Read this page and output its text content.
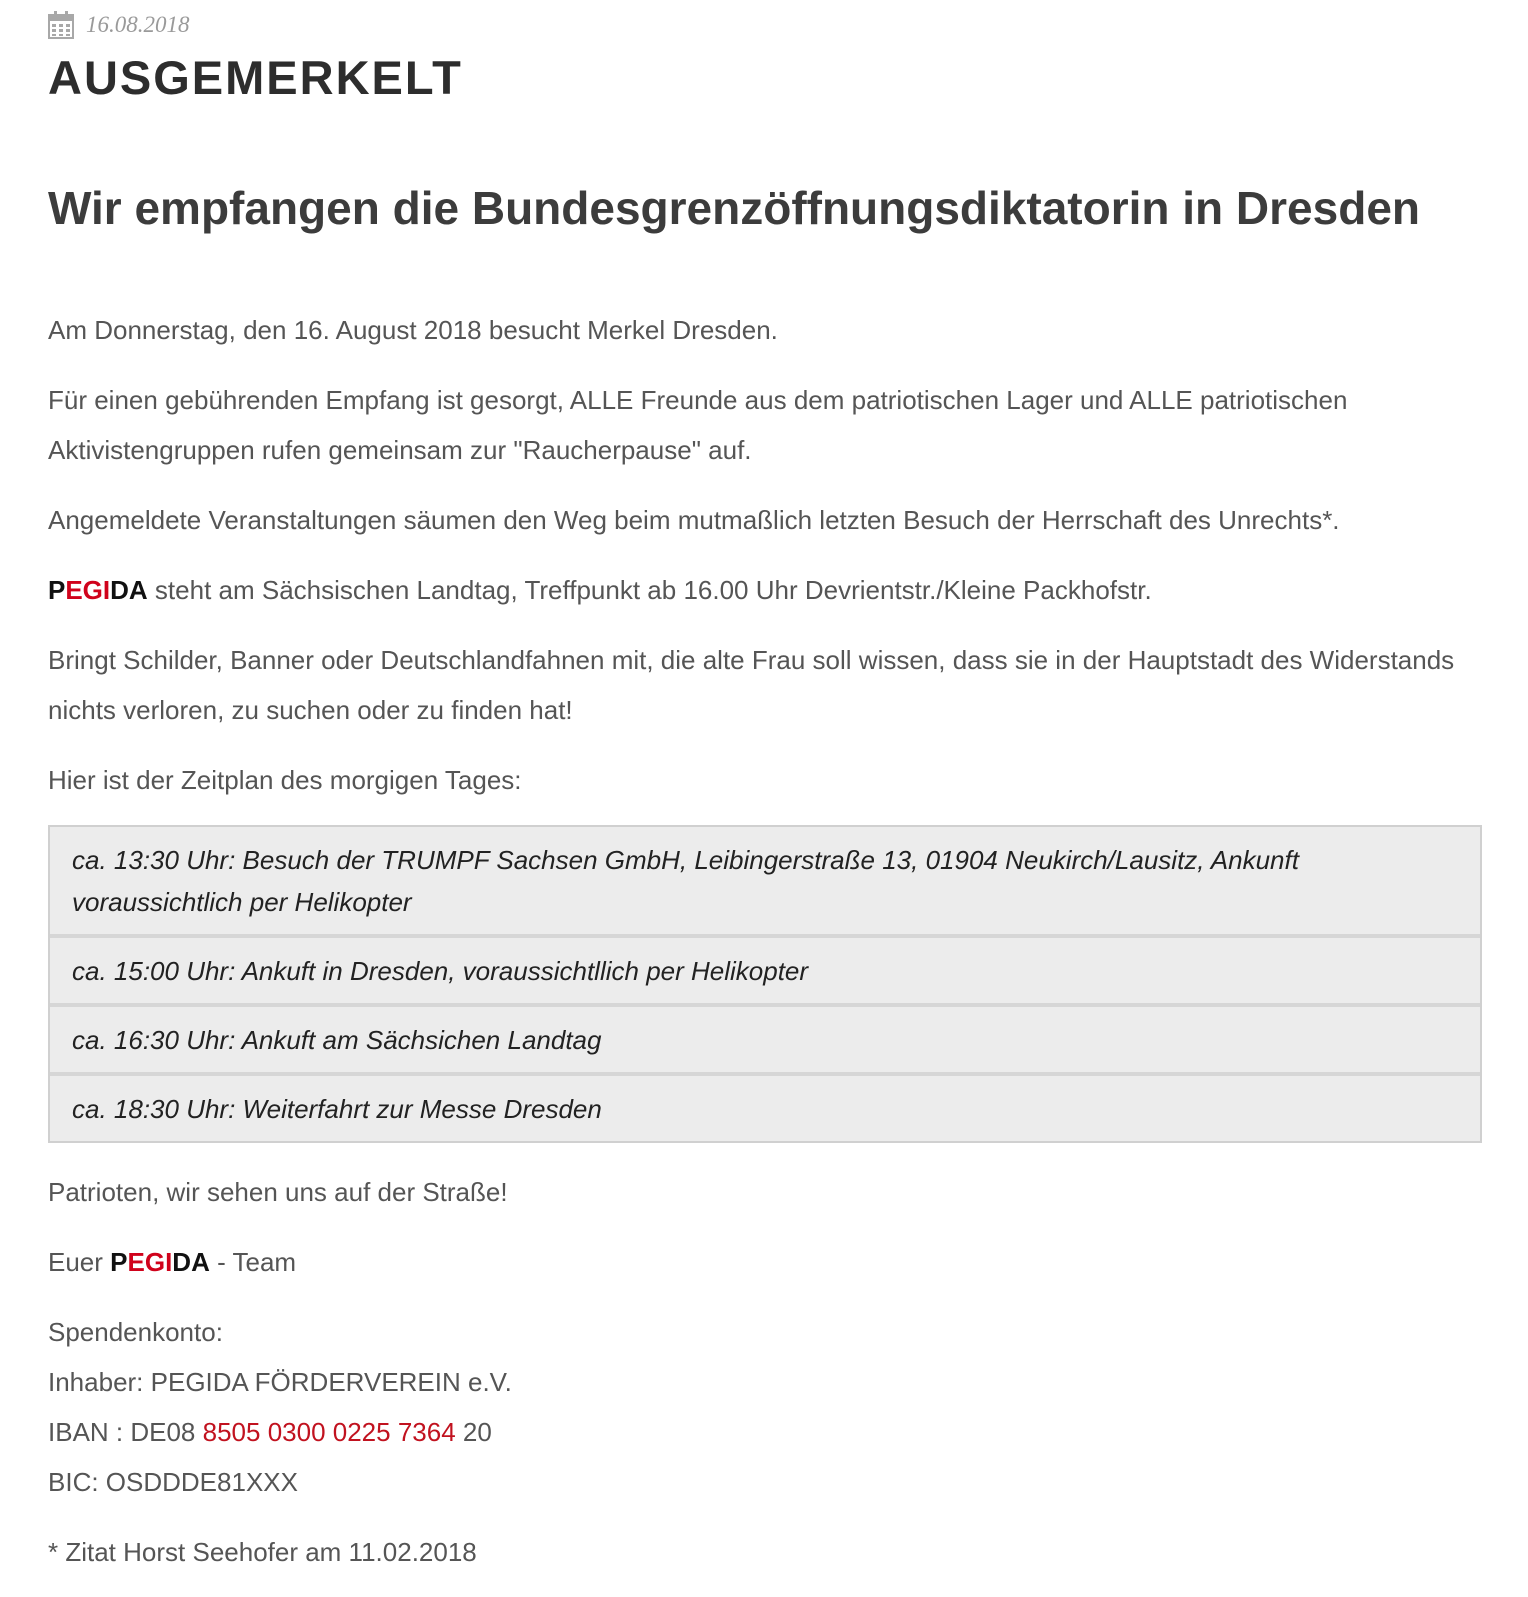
16.08.2018
AUSGEMERKELT
Wir empfangen die Bundesgrenzöffnungsdiktatorin in Dresden

Am Donnerstag, den 16. August 2018 besucht Merkel Dresden.

Für einen gebührenden Empfang ist gesorgt, ALLE Freunde aus dem patriotischen Lager und ALLE patriotischen Aktivistengruppen rufen gemeinsam zur "Raucherpause" auf.

Angemeldete Veranstaltungen säumen den Weg beim mutmaßlich letzten Besuch der Herrschaft des Unrechts*.

PEGIDA steht am Sächsischen Landtag, Treffpunkt ab 16.00 Uhr Devrientstr./Kleine Packhofstr.

Bringt Schilder, Banner oder Deutschlandfahnen mit, die alte Frau soll wissen, dass sie in der Hauptstadt des Widerstands nichts verloren, zu suchen oder zu finden hat!

Hier ist der Zeitplan des morgigen Tages:

ca. 13:30 Uhr: Besuch der TRUMPF Sachsen GmbH, Leibingerstraße 13, 01904 Neukirch/Lausitz, Ankunft voraussichtlich per Helikopter
ca. 15:00 Uhr: Ankuft in Dresden, voraussichtllich per Helikopter
ca. 16:30 Uhr: Ankuft am Sächsichen Landtag
ca. 18:30 Uhr: Weiterfahrt zur Messe Dresden

Patrioten, wir sehen uns auf der Straße!

Euer PEGIDA - Team

Spendenkonto:

Inhaber: PEGIDA FÖRDERVEREIN e.V.

IBAN : DE08 8505 0300 0225 7364 20

BIC: OSDDDE81XXX

* Zitat Horst Seehofer am 11.02.2018
